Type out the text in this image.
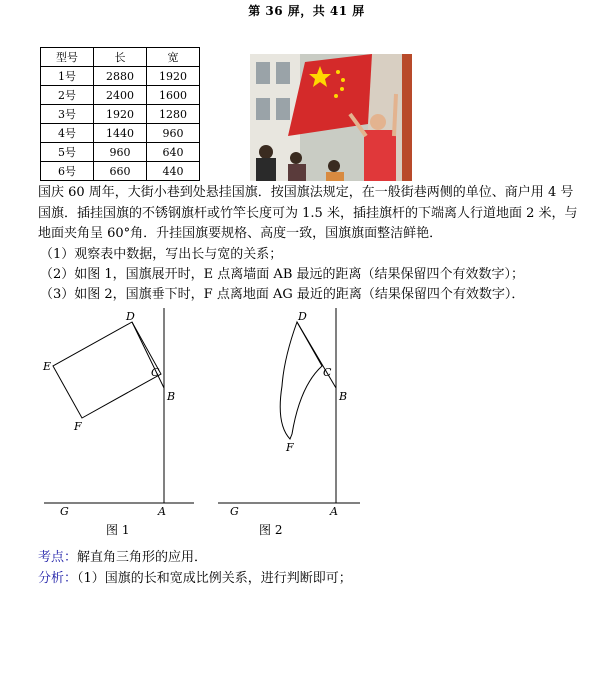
第 36 屏，共 41 屏
型号	长	宽
1号	2880	1920
2号	2400	1600
3号	1920	1280
4号	1440	960
5号	960	640
6号	660	440
国庆 60 周年，大街小巷到处悬挂国旗．按国旗法规定，在一般街巷两侧的单位、商户用 4 号国旗．插挂国旗的不锈钢旗杆或竹竿长度可为 1.5 米，插挂旗杆的下端离人行道地面 2 米，与地面夹角呈 60°角．升挂国旗要规格、高度一致，国旗旗面整洁鲜艳．
（1）观察表中数据，写出长与宽的关系；
（2）如图 1，国旗展开时，E 点离墙面 AB 最远的距离（结果保留四个有效数字）；
（3）如图 2，国旗垂下时，F 点离地面 AG 最近的距离（结果保留四个有效数字）．
D
E	C
B
F
G	A
图 1
D
C
B
F
G	A
图 2
考点：解直角三角形的应用．
分析：（1）国旗的长和宽成比例关系，进行判断即可；
